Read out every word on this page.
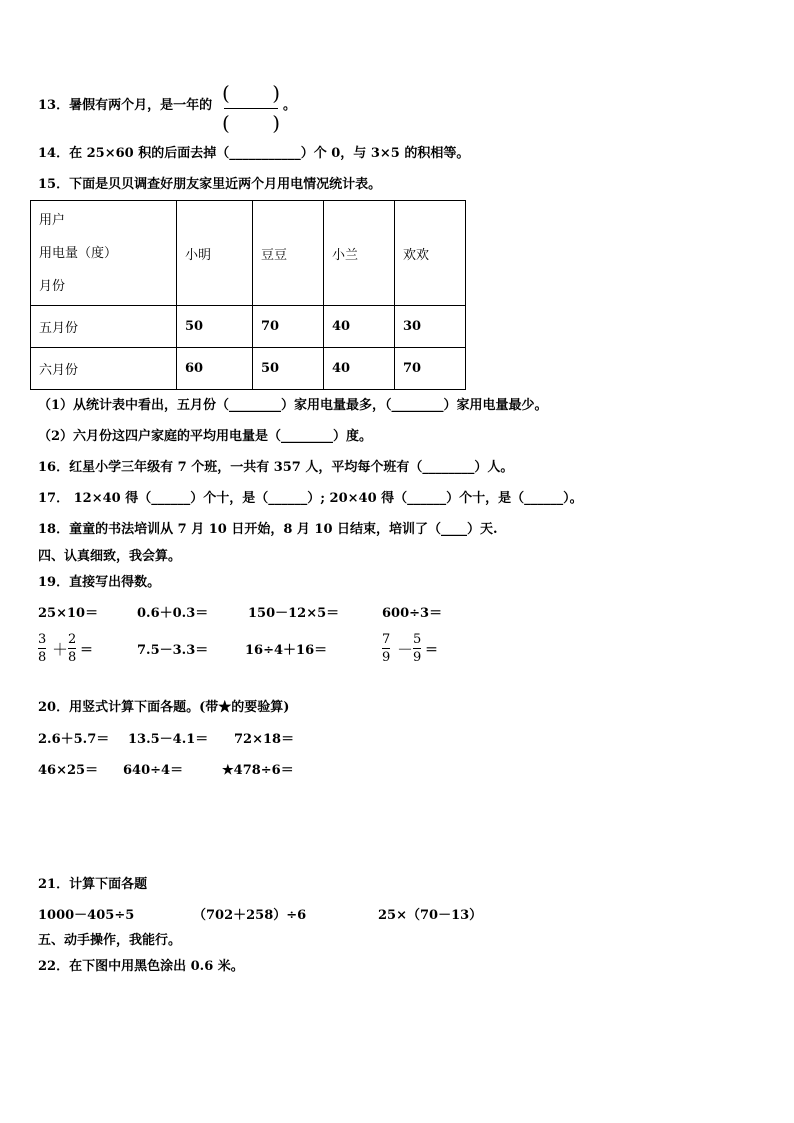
13．暑假有两个月，是一年的
( )
( )
。
14．在 25×60 积的后面去掉（___________）个 0，与 3×5 的积相等。
15．下面是贝贝调查好朋友家里近两个月用电情况统计表。
用户
用电量（度）
月份	小明	豆豆	小兰	欢欢
五月份	50	70	40	30
六月份	60	50	40	70
（1）从统计表中看出，五月份（________）家用电量最多，（________）家用电量最少。
（2）六月份这四户家庭的平均用电量是（________）度。
16．红星小学三年级有 7 个班，一共有 357 人，平均每个班有（________）人。
17． 12×40 得（______）个十，是（______）; 20×40 得（______）个十，是（______）。
18．童童的书法培训从 7 月 10 日开始，8 月 10 日结束，培训了（____）天.
四、认真细致，我会算。
19．直接写出得数。
25×10＝	0.6＋0.3＝	150－12×5＝	600÷3＝
3
8 ＋
2
8 ＝	7.5－3.3＝	16÷4＋16＝
7
9 －
5
9 ＝
20．用竖式计算下面各题。(带★的要验算)
2.6＋5.7＝ 13.5－4.1＝ 72×18＝
46×25＝ 640÷4＝	★478÷6＝
21．计算下面各题
1000－405÷5	（702＋258）÷6	25×（70－13）
五、动手操作，我能行。
22．在下图中用黑色涂出 0.6 米。
